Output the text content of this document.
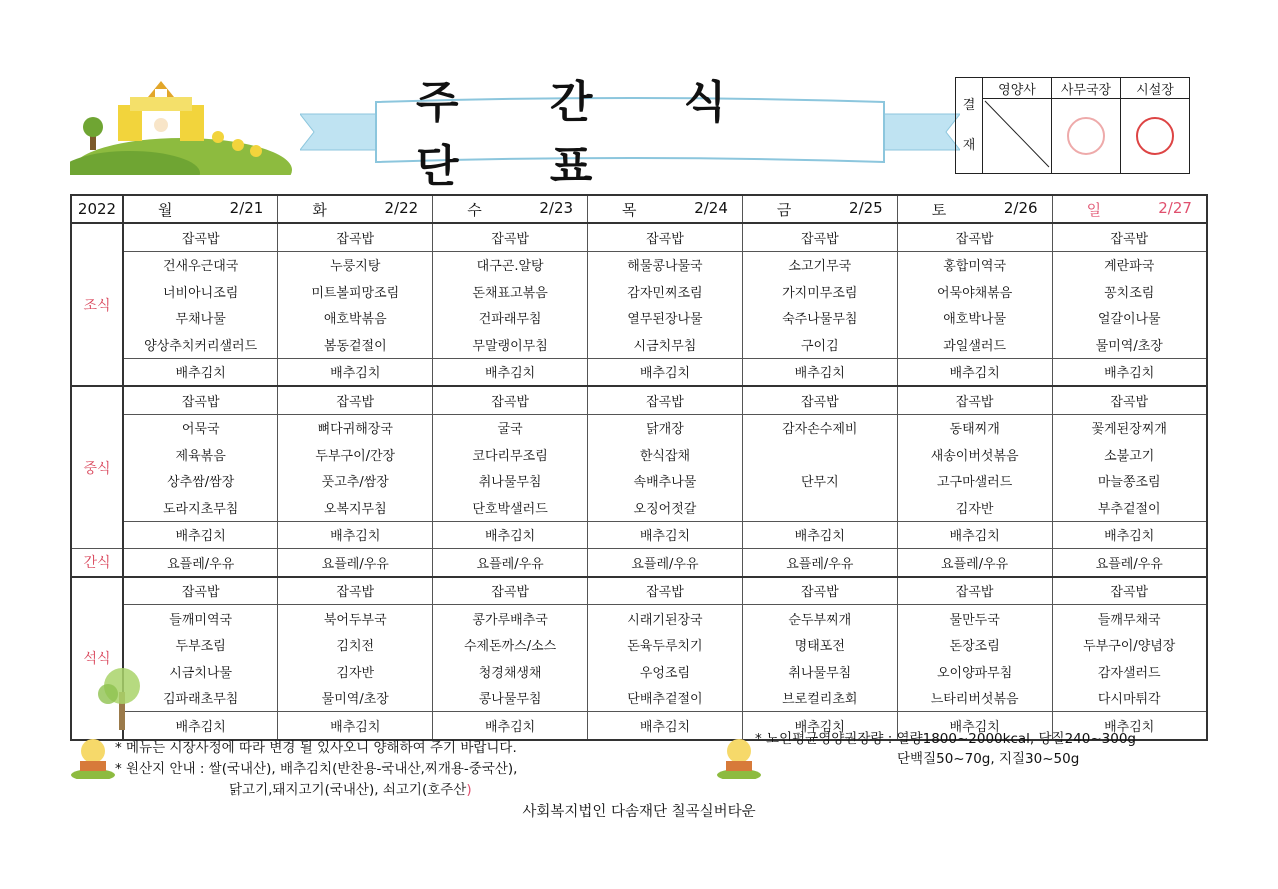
주 간 식 단 표
결
재	영양사	사무국장	시설장

2022	월 2/21	화 2/22	수 2/23	목 2/24	금 2/25	토 2/26	일 2/27

조식	잡곡밥	잡곡밥	잡곡밥	잡곡밥	잡곡밥	잡곡밥	잡곡밥
	건새우근대국	누룽지탕	대구곤.알탕	해물콩나물국	소고기무국	홍합미역국	계란파국
	너비아니조림	미트볼피망조림	돈채표고볶음	감자민찌조림	가지미무조림	어묵야채볶음	꽁치조림
	무채나물	애호박볶음	건파래무침	열무된장나물	숙주나물무침	애호박나물	얼갈이나물
	양상추치커리샐러드	봄동겉절이	무말랭이무침	시금치무침	구이김	과일샐러드	물미역/초장
	배추김치	배추김치	배추김치	배추김치	배추김치	배추김치	배추김치
중식	잡곡밥	잡곡밥	잡곡밥	잡곡밥	잡곡밥	잡곡밥	잡곡밥
	어묵국	뼈다귀해장국	굴국	닭개장	감자손수제비	동태찌개	꽃게된장찌개
	제육볶음	두부구이/간장	코다리무조림	한식잡채		새송이버섯볶음	소불고기
	상추쌈/쌈장	풋고추/쌈장	취나물무침	속배추나물	단무지	고구마샐러드	마늘쫑조림
	도라지초무침	오복지무침	단호박샐러드	오징어젓갈		김자반	부추겉절이
	배추김치	배추김치	배추김치	배추김치	배추김치	배추김치	배추김치
간식	요플레/우유	요플레/우유	요플레/우유	요플레/우유	요플레/우유	요플레/우유	요플레/우유
석식	잡곡밥	잡곡밥	잡곡밥	잡곡밥	잡곡밥	잡곡밥	잡곡밥
	들깨미역국	북어두부국	콩가루배추국	시래기된장국	순두부찌개	물만두국	들깨무채국
	두부조림	김치전	수제돈까스/소스	돈육두루치기	명태포전	돈장조림	두부구이/양념장
	시금치나물	김자반	청경채생채	우엉조림	취나물무침	오이양파무침	감자샐러드
	김파래초무침	물미역/초장	콩나물무침	단배추겉절이	브로컬리초회	느타리버섯볶음	다시마튀각
	배추김치	배추김치	배추김치	배추김치	배추김치	배추김치	배추김치
* 메뉴는 시장사정에 따라 변경 될 있사오니 양해하여 주기 바랍니다.
* 원산지 안내 : 쌀(국내산), 배추김치(반찬용-국내산,찌개용-중국산),
닭고기,돼지고기(국내산), 쇠고기(호주산)
* 노인평균영양권장량 : 열량1800~2000kcal, 당질240~300g
단백질50~70g, 지질30~50g
사회복지법인 다솜재단 칠곡실버타운
